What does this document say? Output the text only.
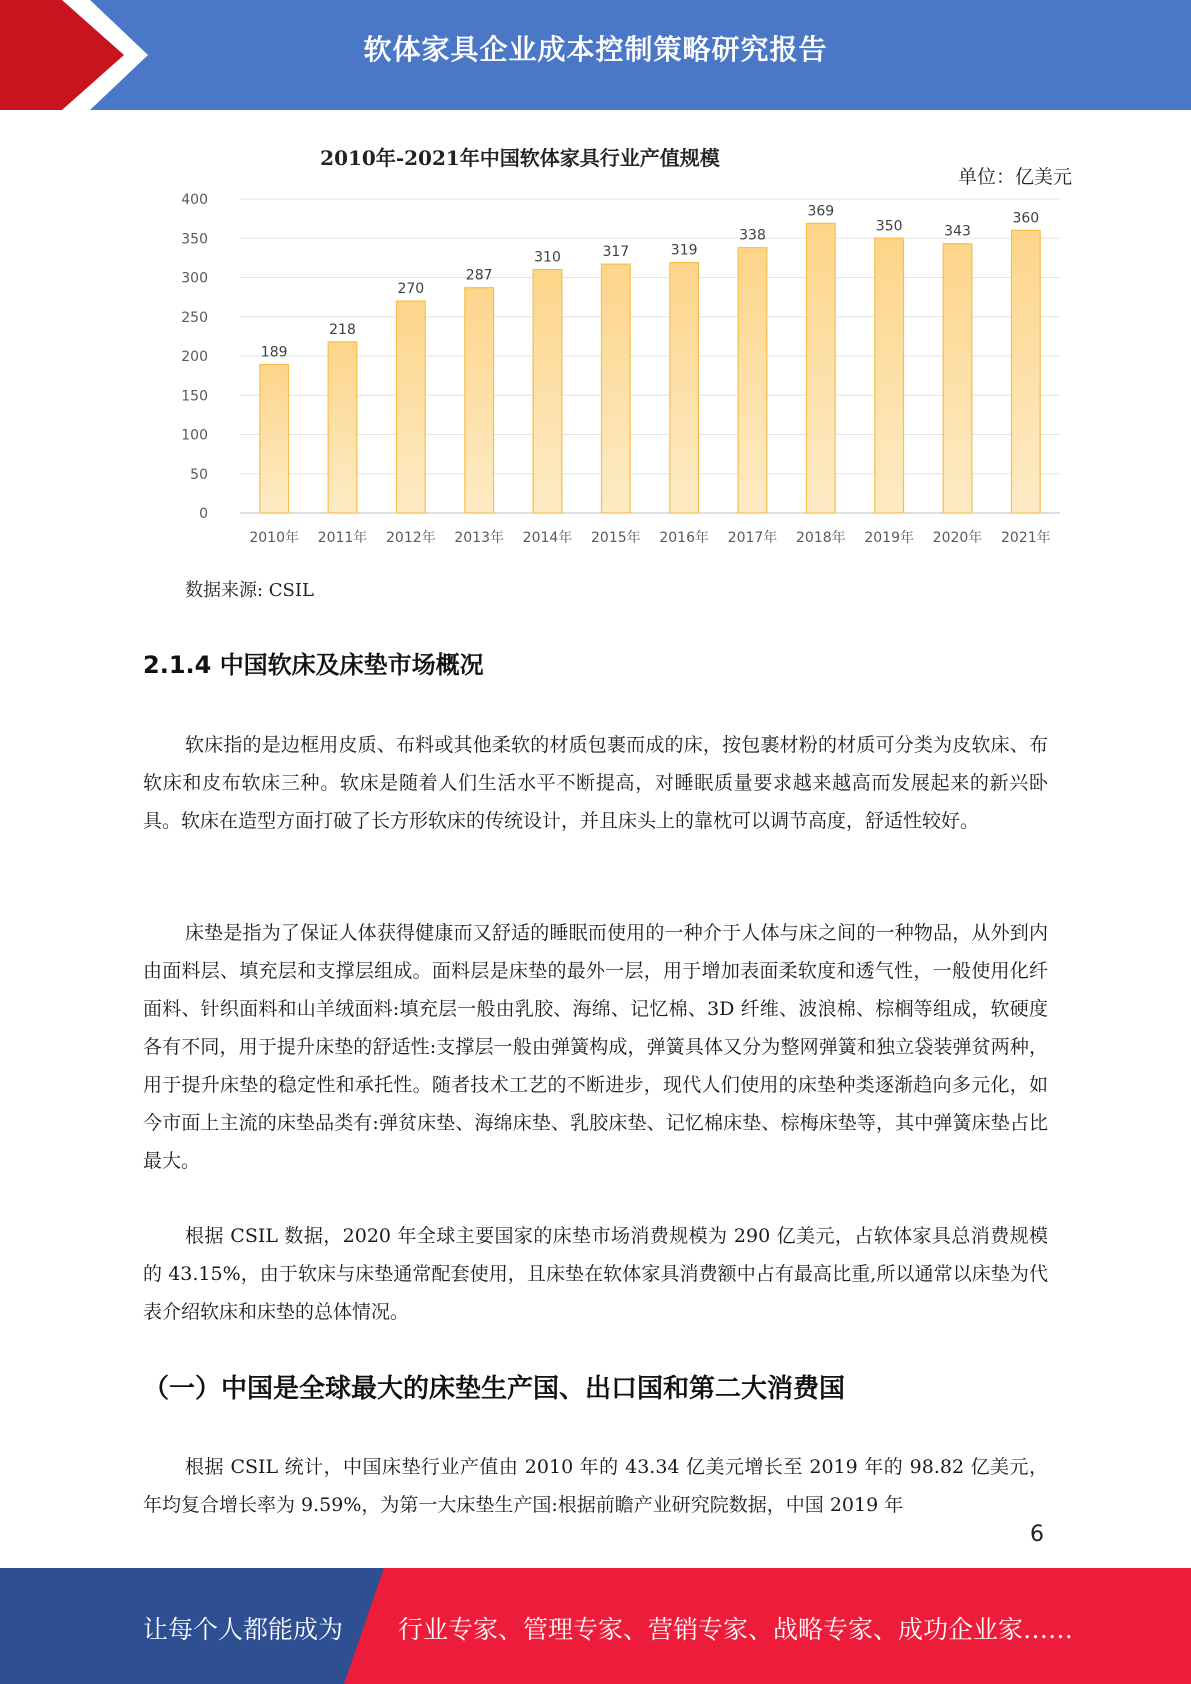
软体家具企业成本控制策略研究报告
0
50
100
150
200
250
300
350
400
189
2010年
218
2011年
270
2012年
287
2013年
310
2014年
317
2015年
319
2016年
338
2017年
369
2018年
350
2019年
343
2020年
360
2021年
2010年-2021年中国软体家具行业产值规模
单位：亿美元
数据来源: CSIL
2.1.4 中国软床及床垫市场概况

软床指的是边框用皮质、布料或其他柔软的材质包裹而成的床，按包裹材粉的材质可分类为皮软床、布软床和皮布软床三种。软床是随着人们生活水平不断提高，对睡眠质量要求越来越高而发展起来的新兴卧具。软床在造型方面打破了长方形软床的传统设计，并且床头上的靠枕可以调节高度，舒适性较好。

床垫是指为了保证人体获得健康而又舒适的睡眠而使用的一种介于人体与床之间的一种物品，从外到内由面料层、填充层和支撑层组成。面料层是床垫的最外一层，用于增加表面柔软度和透气性，一般使用化纤面料、针织面料和山羊绒面料:填充层一般由乳胶、海绵、记忆棉、3D 纤维、波浪棉、棕榈等组成，软硬度各有不同，用于提升床垫的舒适性:支撑层一般由弹簧构成，弹簧具体又分为整网弹簧和独立袋装弹贫两种，用于提升床垫的稳定性和承托性。随者技术工艺的不断进步，现代人们使用的床垫种类逐渐趋向多元化，如今市面上主流的床垫品类有:弹贫床垫、海绵床垫、乳胶床垫、记忆棉床垫、棕梅床垫等，其中弹簧床垫占比最大。

根据 CSIL 数据，2020 年全球主要国家的床垫市场消费规模为 290 亿美元，占软体家具总消费规模的 43.15%，由于软床与床垫通常配套使用，且床垫在软体家具消费额中占有最高比重,所以通常以床垫为代表介绍软床和床垫的总体情况。

（一）中国是全球最大的床垫生产国、出口国和第二大消费国

根据 CSIL 统计，中国床垫行业产值由 2010 年的 43.34 亿美元增长至 2019 年的 98.82 亿美元，年均复合增长率为 9.59%，为第一大床垫生产国:根据前瞻产业研究院数据，中国 2019 年

6
让每个人都能成为 行业专家、管理专家、营销专家、战略专家、成功企业家……
